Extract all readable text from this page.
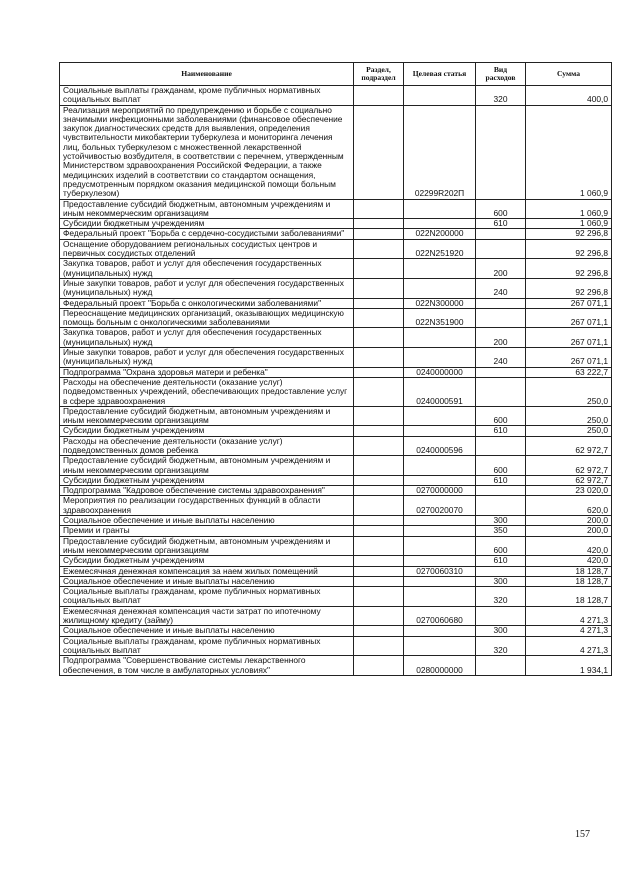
Наименование	Раздел, подраздел	Целевая статья	Вид расходов	Сумма
Социальные выплаты гражданам, кроме публичных нормативных социальных выплат			320	400,0
Реализация мероприятий по предупреждению и борьбе с социально значимыми инфекционными заболеваниями (финансовое обеспечение закупок диагностических средств для выявления, определения чувствительности микобактерии туберкулеза и мониторинга лечения лиц, больных туберкулезом с множественной лекарственной устойчивостью возбудителя, в соответствии с перечнем, утвержденным Министерством здравоохранения Российской Федерации, а также медицинских изделий в соответствии со стандартом оснащения, предусмотренным порядком оказания медицинской помощи больным туберкулезом)		02299R202П		1 060,9
Предоставление субсидий бюджетным, автономным учреждениям и иным некоммерческим организациям			600	1 060,9
Субсидии бюджетным учреждениям			610	1 060,9
Федеральный проект "Борьба с сердечно-сосудистыми заболеваниями"		022N200000		92 296,8
Оснащение оборудованием региональных сосудистых центров и первичных сосудистых отделений		022N251920		92 296,8
Закупка товаров, работ и услуг для обеспечения государственных (муниципальных) нужд			200	92 296,8
Иные закупки товаров, работ и услуг для обеспечения государственных (муниципальных) нужд			240	92 296,8
Федеральный проект "Борьба с онкологическими заболеваниями"		022N300000		267 071,1
Переоснащение медицинских организаций, оказывающих медицинскую помощь больным с онкологическими заболеваниями		022N351900		267 071,1
Закупка товаров, работ и услуг для обеспечения государственных (муниципальных) нужд			200	267 071,1
Иные закупки товаров, работ и услуг для обеспечения государственных (муниципальных) нужд			240	267 071,1
Подпрограмма "Охрана здоровья матери и ребенка"		0240000000		63 222,7
Расходы на обеспечение деятельности (оказание услуг) подведомственных учреждений, обеспечивающих предоставление услуг в сфере здравоохранения		0240000591		250,0
Предоставление субсидий бюджетным, автономным учреждениям и иным некоммерческим организациям			600	250,0
Субсидии бюджетным учреждениям			610	250,0
Расходы на обеспечение деятельности (оказание услуг) подведомственных домов ребенка		0240000596		62 972,7
Предоставление субсидий бюджетным, автономным учреждениям и иным некоммерческим организациям			600	62 972,7
Субсидии бюджетным учреждениям			610	62 972,7
Подпрограмма "Кадровое обеспечение системы здравоохранения"		0270000000		23 020,0
Мероприятия по реализации государственных функций в области здравоохранения		0270020070		620,0
Социальное обеспечение и иные выплаты населению			300	200,0
Премии и гранты			350	200,0
Предоставление субсидий бюджетным, автономным учреждениям и иным некоммерческим организациям			600	420,0
Субсидии бюджетным учреждениям			610	420,0
Ежемесячная денежная компенсация за наем жилых помещений		0270060310		18 128,7
Социальное обеспечение и иные выплаты населению			300	18 128,7
Социальные выплаты гражданам, кроме публичных нормативных социальных выплат			320	18 128,7
Ежемесячная денежная компенсация части затрат по ипотечному жилищному кредиту (займу)		0270060680		4 271,3
Социальное обеспечение и иные выплаты населению			300	4 271,3
Социальные выплаты гражданам, кроме публичных нормативных социальных выплат			320	4 271,3
Подпрограмма "Совершенствование системы лекарственного обеспечения, в том числе в амбулаторных условиях"		0280000000		1 934,1
157
